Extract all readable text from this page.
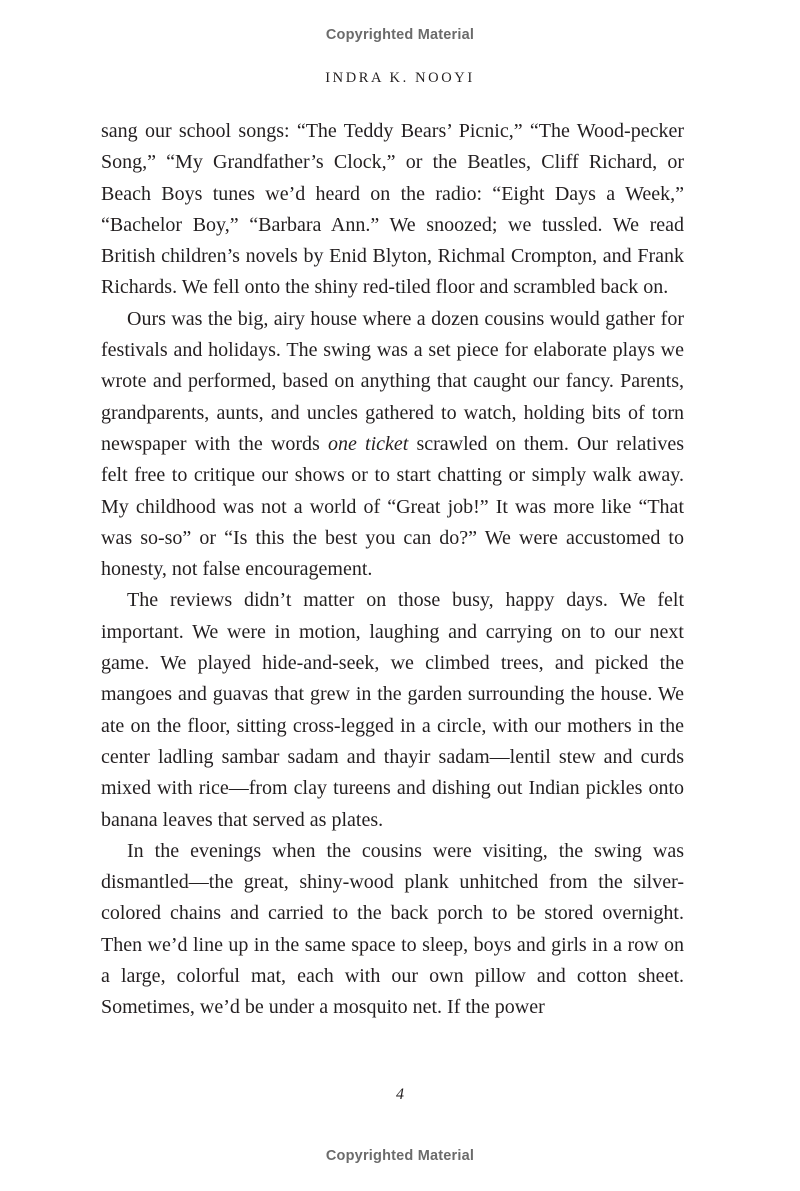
Copyrighted Material
INDRA K. NOOYI

sang our school songs: “The Teddy Bears’ Picnic,” “The Wood-pecker Song,” “My Grandfather’s Clock,” or the Beatles, Cliff Richard, or Beach Boys tunes we’d heard on the radio: “Eight Days a Week,” “Bachelor Boy,” “Barbara Ann.” We snoozed; we tussled. We read British children’s novels by Enid Blyton, Richmal Crompton, and Frank Richards. We fell onto the shiny red-tiled floor and scrambled back on.

Ours was the big, airy house where a dozen cousins would gather for festivals and holidays. The swing was a set piece for elaborate plays we wrote and performed, based on anything that caught our fancy. Parents, grandparents, aunts, and uncles gathered to watch, holding bits of torn newspaper with the words one ticket scrawled on them. Our relatives felt free to critique our shows or to start chatting or simply walk away. My childhood was not a world of “Great job!” It was more like “That was so-so” or “Is this the best you can do?” We were accustomed to honesty, not false encouragement.

The reviews didn’t matter on those busy, happy days. We felt important. We were in motion, laughing and carrying on to our next game. We played hide-and-seek, we climbed trees, and picked the mangoes and guavas that grew in the garden surrounding the house. We ate on the floor, sitting cross-legged in a circle, with our mothers in the center ladling sambar sadam and thayir sadam—lentil stew and curds mixed with rice—from clay tureens and dishing out Indian pickles onto banana leaves that served as plates.

In the evenings when the cousins were visiting, the swing was dismantled—the great, shiny-wood plank unhitched from the silver-colored chains and carried to the back porch to be stored overnight. Then we’d line up in the same space to sleep, boys and girls in a row on a large, colorful mat, each with our own pillow and cotton sheet. Sometimes, we’d be under a mosquito net. If the power

4
Copyrighted Material
